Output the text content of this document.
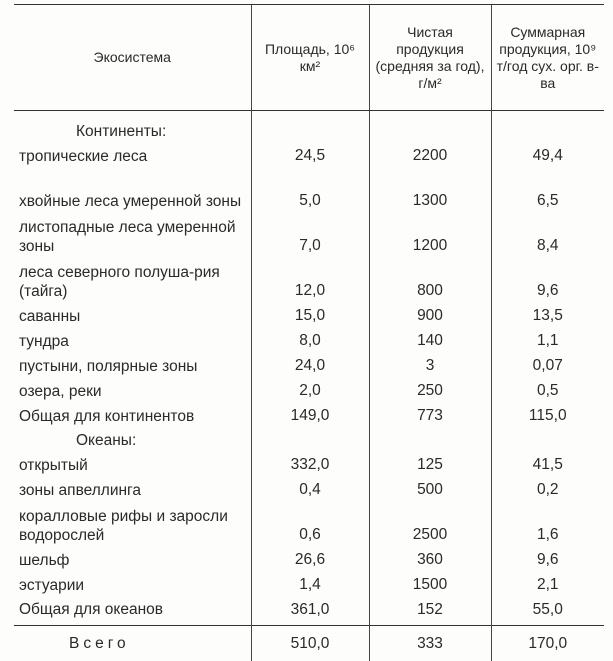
Экосистема	Площадь, 10⁶ км²	Чистая продукция (средняя за год), г/м²	Суммарная продукция, 10⁹ т/год сух. орг. в-ва
Континенты:			
тропические леса	24,5	2200	49,4
хвойные леса умеренной зоны	5,0	1300	6,5
листопадные леса умеренной зоны	7,0	1200	8,4
леса северного полуша-рия (тайга)	12,0	800	9,6
саванны	15,0	900	13,5
тундра	8,0	140	1,1
пустыни, полярные зоны	24,0	3	0,07
озера, реки	2,0	250	0,5
Общая для континентов	149,0	773	115,0
Океаны:			
открытый	332,0	125	41,5
зоны апвеллинга	0,4	500	0,2
коралловые рифы и заросли водорослей	0,6	2500	1,6
шельф	26,6	360	9,6
эстуарии	1,4	1500	2,1
Общая для океанов	361,0	152	55,0
Всего	510,0	333	170,0
